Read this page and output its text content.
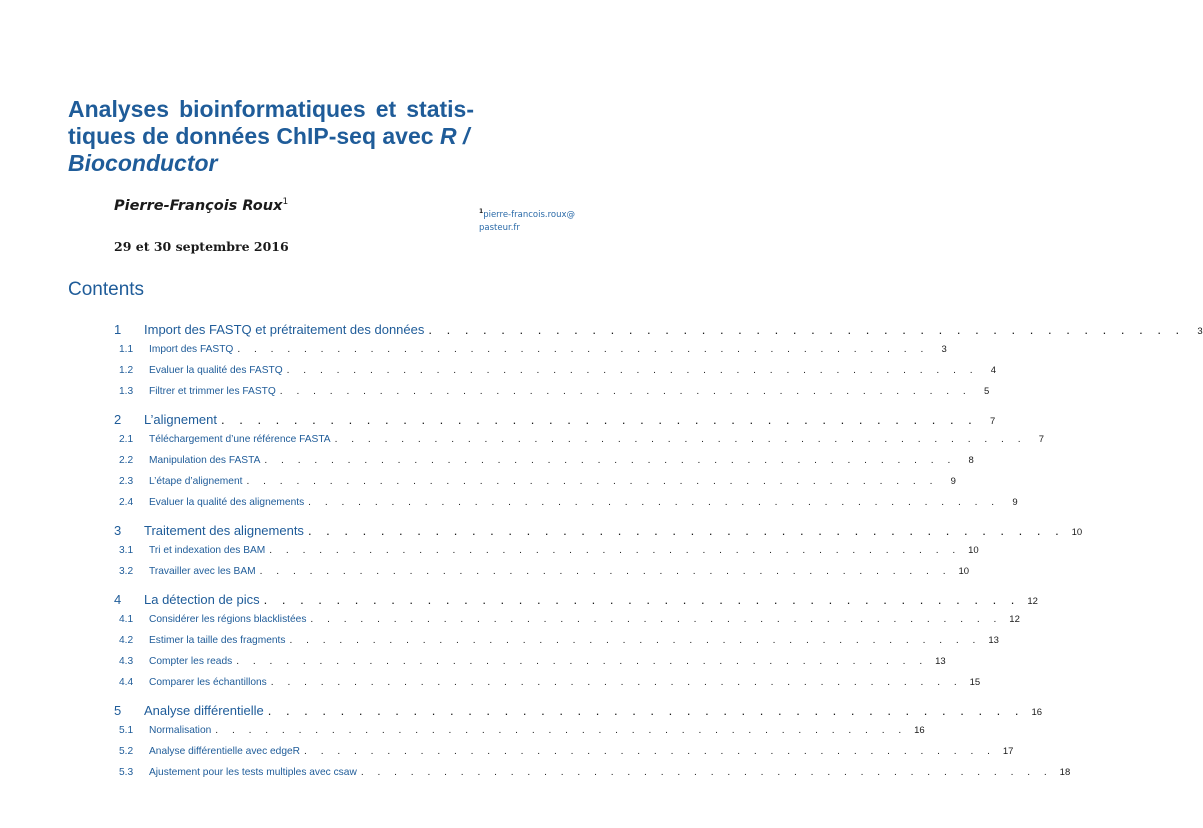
Analyses bioinformatiques et statis-
tiques de données ChIP-seq avec R /
Bioconductor
Pierre-François Roux$^1$
$^1$pierre-francois.roux@
pasteur.fr
29 et 30 septembre 2016
Contents
1	Import des FASTQ et prétraitement des données . . . . . . . . . . . . . . . . . . . . . . . . . . . . . . . . . . . . . . . . . .	3
1.1	Import des FASTQ . . . . . . . . . . . . . . . . . . . . . . . . . . . . . . . . . . . . . . . . . .	3
1.2	Evaluer la qualité des FASTQ . . . . . . . . . . . . . . . . . . . . . . . . . . . . . . . . . . . . . . . . . .	4
1.3	Filtrer et trimmer les FASTQ . . . . . . . . . . . . . . . . . . . . . . . . . . . . . . . . . . . . . . . . . .	5
2	L’alignement . . . . . . . . . . . . . . . . . . . . . . . . . . . . . . . . . . . . . . . . . .	7
2.1	Téléchargement d’une référence FASTA . . . . . . . . . . . . . . . . . . . . . . . . . . . . . . . . . . . . . . . . . .	7
2.2	Manipulation des FASTA . . . . . . . . . . . . . . . . . . . . . . . . . . . . . . . . . . . . . . . . . .	8
2.3	L’étape d’alignement . . . . . . . . . . . . . . . . . . . . . . . . . . . . . . . . . . . . . . . . . .	9
2.4	Evaluer la qualité des alignements . . . . . . . . . . . . . . . . . . . . . . . . . . . . . . . . . . . . . . . . . .	9
3	Traitement des alignements . . . . . . . . . . . . . . . . . . . . . . . . . . . . . . . . . . . . . . . . . . 10
3.1	Tri et indexation des BAM . . . . . . . . . . . . . . . . . . . . . . . . . . . . . . . . . . . . . . . . . . 10
3.2	Travailler avec les BAM . . . . . . . . . . . . . . . . . . . . . . . . . . . . . . . . . . . . . . . . . . 10
4	La détection de pics . . . . . . . . . . . . . . . . . . . . . . . . . . . . . . . . . . . . . . . . . . 12
4.1	Considérer les régions blacklistées . . . . . . . . . . . . . . . . . . . . . . . . . . . . . . . . . . . . . . . . . . 12
4.2	Estimer la taille des fragments . . . . . . . . . . . . . . . . . . . . . . . . . . . . . . . . . . . . . . . . . . 13
4.3	Compter les reads . . . . . . . . . . . . . . . . . . . . . . . . . . . . . . . . . . . . . . . . . . 13
4.4	Comparer les échantillons . . . . . . . . . . . . . . . . . . . . . . . . . . . . . . . . . . . . . . . . . . 15
5	Analyse différentielle . . . . . . . . . . . . . . . . . . . . . . . . . . . . . . . . . . . . . . . . . . 16
5.1	Normalisation . . . . . . . . . . . . . . . . . . . . . . . . . . . . . . . . . . . . . . . . . . 16
5.2	Analyse différentielle avec edgeR . . . . . . . . . . . . . . . . . . . . . . . . . . . . . . . . . . . . . . . . . . 17
5.3	Ajustement pour les tests multiples avec csaw . . . . . . . . . . . . . . . . . . . . . . . . . . . . . . . . . . . . . . . . . . 18
